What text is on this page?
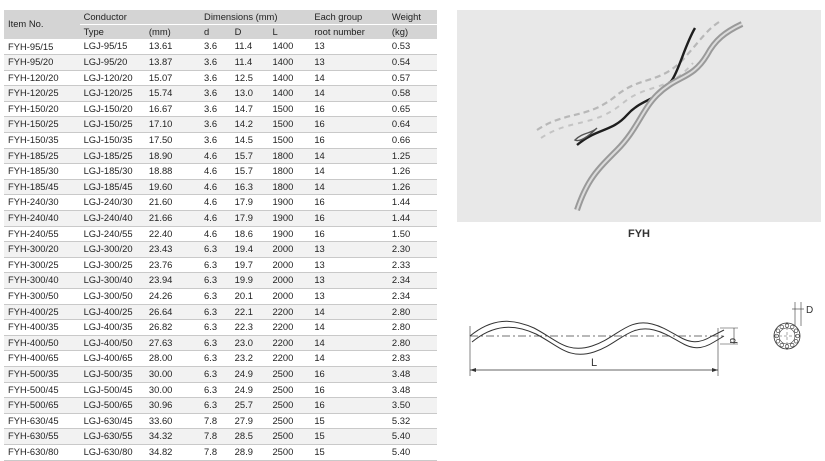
Item No.	Conductor		Dimensions (mm)			Each group	Weight
	Type	(mm)	d	D	L	root number	(kg)
FYH-95/15	LGJ-95/15	13.61	3.6	11.4	1400	13	0.53
FYH-95/20	LGJ-95/20	13.87	3.6	11.4	1400	13	0.54
FYH-120/20	LGJ-120/20	15.07	3.6	12.5	1400	14	0.57
FYH-120/25	LGJ-120/25	15.74	3.6	13.0	1400	14	0.58
FYH-150/20	LGJ-150/20	16.67	3.6	14.7	1500	16	0.65
FYH-150/25	LGJ-150/25	17.10	3.6	14.2	1500	16	0.64
FYH-150/35	LGJ-150/35	17.50	3.6	14.5	1500	16	0.66
FYH-185/25	LGJ-185/25	18.90	4.6	15.7	1800	14	1.25
FYH-185/30	LGJ-185/30	18.88	4.6	15.7	1800	14	1.26
FYH-185/45	LGJ-185/45	19.60	4.6	16.3	1800	14	1.26
FYH-240/30	LGJ-240/30	21.60	4.6	17.9	1900	16	1.44
FYH-240/40	LGJ-240/40	21.66	4.6	17.9	1900	16	1.44
FYH-240/55	LGJ-240/55	22.40	4.6	18.6	1900	16	1.50
FYH-300/20	LGJ-300/20	23.43	6.3	19.4	2000	13	2.30
FYH-300/25	LGJ-300/25	23.76	6.3	19.7	2000	13	2.33
FYH-300/40	LGJ-300/40	23.94	6.3	19.9	2000	13	2.34
FYH-300/50	LGJ-300/50	24.26	6.3	20.1	2000	13	2.34
FYH-400/25	LGJ-400/25	26.64	6.3	22.1	2200	14	2.80
FYH-400/35	LGJ-400/35	26.82	6.3	22.3	2200	14	2.80
FYH-400/50	LGJ-400/50	27.63	6.3	23.0	2200	14	2.80
FYH-400/65	LGJ-400/65	28.00	6.3	23.2	2200	14	2.83
FYH-500/35	LGJ-500/35	30.00	6.3	24.9	2500	16	3.48
FYH-500/45	LGJ-500/45	30.00	6.3	24.9	2500	16	3.48
FYH-500/65	LGJ-500/65	30.96	6.3	25.7	2500	16	3.50
FYH-630/45	LGJ-630/45	33.60	7.8	27.9	2500	15	5.32
FYH-630/55	LGJ-630/55	34.32	7.8	28.5	2500	15	5.40
FYH-630/80	LGJ-630/80	34.82	7.8	28.9	2500	15	5.40
FYH
L
d
D
